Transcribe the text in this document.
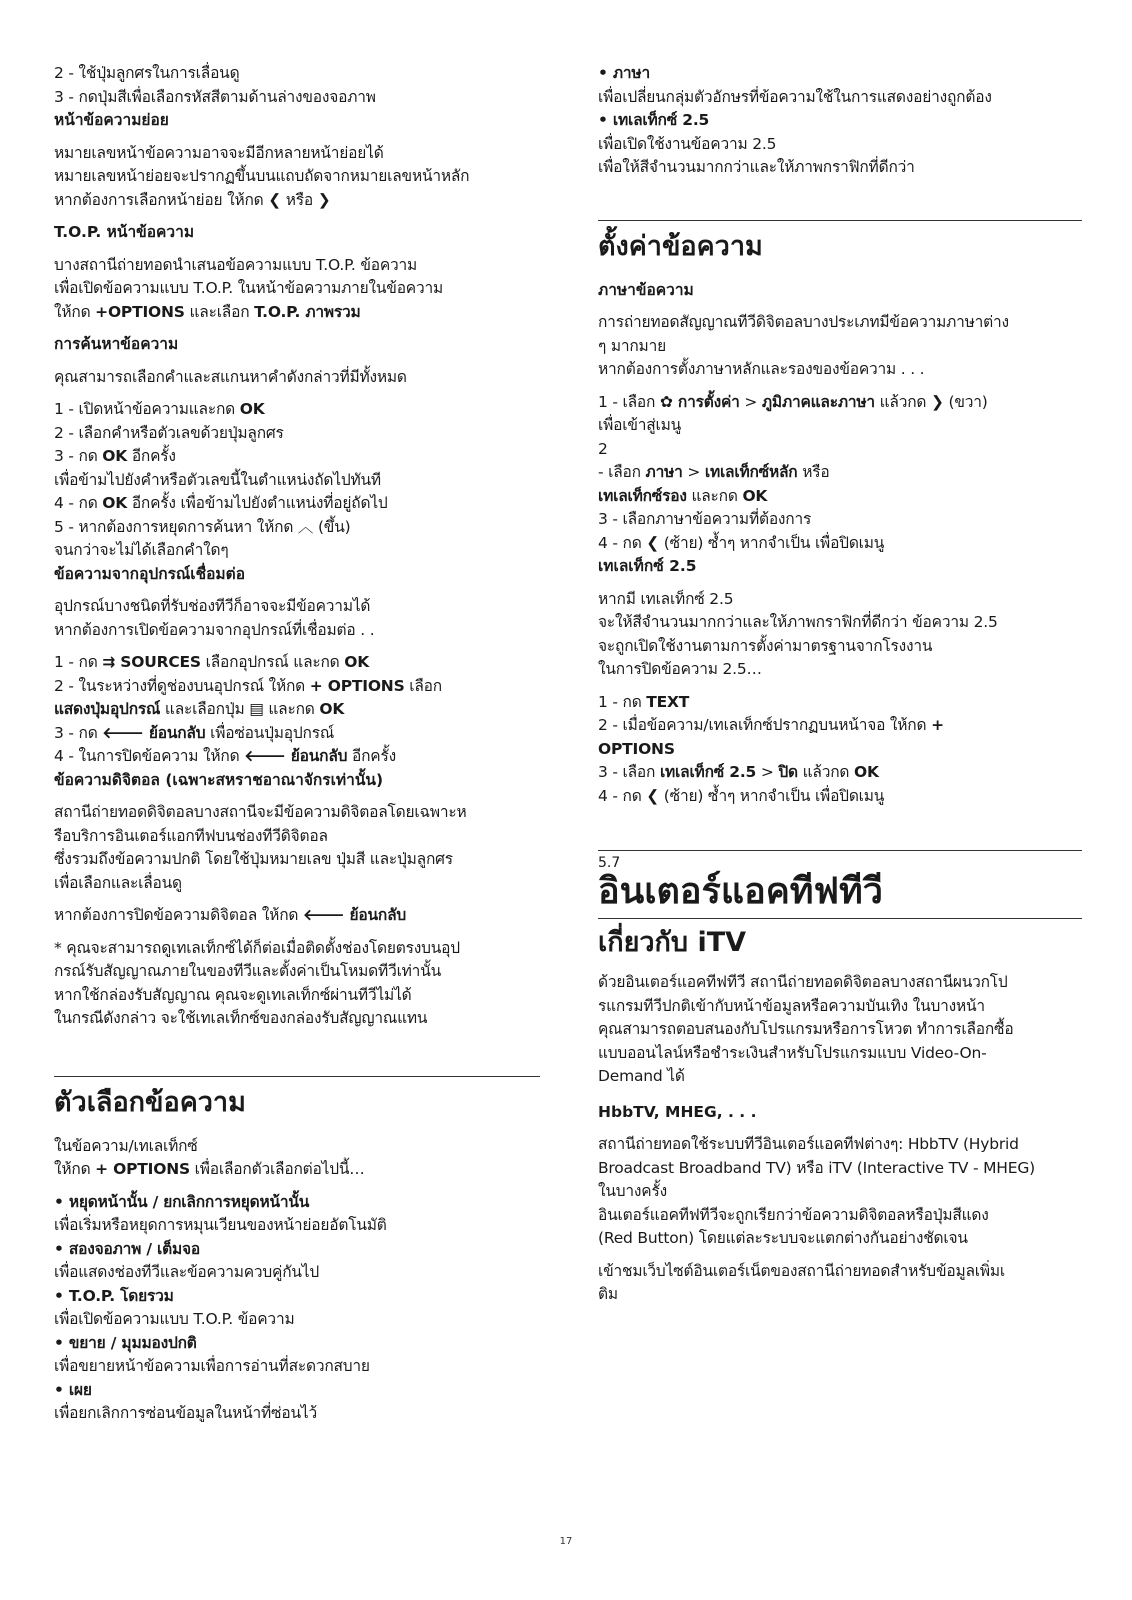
2 - ใช้ปุ่มลูกศรในการเลื่อนดู

3 - กดปุ่มสีเพื่อเลือกรหัสสีตามด้านล่างของจอภาพ

หน้าข้อความย่อย

หมายเลขหน้าข้อความอาจจะมีอีกหลายหน้าย่อยได้

หมายเลขหน้าย่อยจะปรากฏขึ้นบนแถบถัดจากหมายเลขหน้าหลัก

หากต้องการเลือกหน้าย่อย ให้กด ❮ หรือ ❯

T.O.P. หน้าข้อความ

บางสถานีถ่ายทอดนำเสนอข้อความแบบ T.O.P. ข้อความ

เพื่อเปิดข้อความแบบ T.O.P. ในหน้าข้อความภายในข้อความ

ให้กด +OPTIONS และเลือก T.O.P. ภาพรวม

การค้นหาข้อความ

คุณสามารถเลือกคำและสแกนหาคำดังกล่าวที่มีทั้งหมด

1 - เปิดหน้าข้อความและกด OK

2 - เลือกคำหรือตัวเลขด้วยปุ่มลูกศร

3 - กด OK อีกครั้ง

เพื่อข้ามไปยังคำหรือตัวเลขนี้ในตำแหน่งถัดไปทันที

4 - กด OK อีกครั้ง เพื่อข้ามไปยังตำแหน่งที่อยู่ถัดไป

5 - หากต้องการหยุดการค้นหา ให้กด ︿ (ขึ้น)

จนกว่าจะไม่ได้เลือกคำใดๆ

ข้อความจากอุปกรณ์เชื่อมต่อ

อุปกรณ์บางชนิดที่รับช่องทีวีก็อาจจะมีข้อความได้

หากต้องการเปิดข้อความจากอุปกรณ์ที่เชื่อมต่อ . .

1 - กด ⇉ SOURCES เลือกอุปกรณ์ และกด OK

2 - ในระหว่างที่ดูช่องบนอุปกรณ์ ให้กด + OPTIONS เลือก

แสดงปุ่มอุปกรณ์ และเลือกปุ่ม ▤ และกด OK

3 - กด 🡐 ย้อนกลับ เพื่อซ่อนปุ่มอุปกรณ์

4 - ในการปิดข้อความ ให้กด 🡐 ย้อนกลับ อีกครั้ง

ข้อความดิจิตอล (เฉพาะสหราชอาณาจักรเท่านั้น)

สถานีถ่ายทอดดิจิตอลบางสถานีจะมีข้อความดิจิตอลโดยเฉพาะห

รือบริการอินเตอร์แอกทีฟบนช่องทีวีดิจิตอล

ซึ่งรวมถึงข้อความปกติ โดยใช้ปุ่มหมายเลข ปุ่มสี และปุ่มลูกศร

เพื่อเลือกและเลื่อนดู

หากต้องการปิดข้อความดิจิตอล ให้กด 🡐 ย้อนกลับ

* คุณจะสามารถดูเทเลเท็กซ์ได้ก็ต่อเมื่อติดตั้งช่องโดยตรงบนอุป

กรณ์รับสัญญาณภายในของทีวีและตั้งค่าเป็นโหมดทีวีเท่านั้น

หากใช้กล่องรับสัญญาณ คุณจะดูเทเลเท็กซ์ผ่านทีวีไม่ได้

ในกรณีดังกล่าว จะใช้เทเลเท็กซ์ของกล่องรับสัญญาณแทน

ตัวเลือกข้อความ

ในข้อความ/เทเลเท็กซ์

ให้กด + OPTIONS เพื่อเลือกตัวเลือกต่อไปนี้…

• หยุดหน้านั้น / ยกเลิกการหยุดหน้านั้น

เพื่อเริ่มหรือหยุดการหมุนเวียนของหน้าย่อยอัตโนมัติ

• สองจอภาพ / เต็มจอ

เพื่อแสดงช่องทีวีและข้อความควบคู่กันไป

• T.O.P. โดยรวม

เพื่อเปิดข้อความแบบ T.O.P. ข้อความ

• ขยาย / มุมมองปกติ

เพื่อขยายหน้าข้อความเพื่อการอ่านที่สะดวกสบาย

• เผย

เพื่อยกเลิกการซ่อนข้อมูลในหน้าที่ซ่อนไว้

• ภาษา

เพื่อเปลี่ยนกลุ่มตัวอักษรที่ข้อความใช้ในการแสดงอย่างถูกต้อง

• เทเลเท็กซ์ 2.5

เพื่อเปิดใช้งานข้อความ 2.5

เพื่อให้สีจำนวนมากกว่าและให้ภาพกราฟิกที่ดีกว่า

ตั้งค่าข้อความ

ภาษาข้อความ

การถ่ายทอดสัญญาณทีวีดิจิตอลบางประเภทมีข้อความภาษาต่าง

ๆ มากมาย

หากต้องการตั้งภาษาหลักและรองของข้อความ . . .

1 - เลือก ✿ การตั้งค่า > ภูมิภาคและภาษา แล้วกด ❯ (ขวา)

เพื่อเข้าสู่เมนู

2

- เลือก ภาษา > เทเลเท็กซ์หลัก หรือ

เทเลเท็กซ์รอง และกด OK

3 - เลือกภาษาข้อความที่ต้องการ

4 - กด ❮ (ซ้าย) ซ้ำๆ หากจำเป็น เพื่อปิดเมนู

เทเลเท็กซ์ 2.5

หากมี เทเลเท็กซ์ 2.5

จะให้สีจำนวนมากกว่าและให้ภาพกราฟิกที่ดีกว่า ข้อความ 2.5

จะถูกเปิดใช้งานตามการตั้งค่ามาตรฐานจากโรงงาน

ในการปิดข้อความ 2.5…

1 - กด TEXT

2 - เมื่อข้อความ/เทเลเท็กซ์ปรากฏบนหน้าจอ ให้กด +

OPTIONS

3 - เลือก เทเลเท็กซ์ 2.5 > ปิด แล้วกด OK

4 - กด ❮ (ซ้าย) ซ้ำๆ หากจำเป็น เพื่อปิดเมนู

5.7

อินเตอร์แอคทีฟทีวี

เกี่ยวกับ iTV

ด้วยอินเตอร์แอคทีฟทีวี สถานีถ่ายทอดดิจิตอลบางสถานีผนวกโป

รแกรมทีวีปกติเข้ากับหน้าข้อมูลหรือความบันเทิง ในบางหน้า

คุณสามารถตอบสนองกับโปรแกรมหรือการโหวต ทำการเลือกซื้อ

แบบออนไลน์หรือชำระเงินสำหรับโปรแกรมแบบ Video-On-

Demand ได้

HbbTV, MHEG, . . .

สถานีถ่ายทอดใช้ระบบทีวีอินเตอร์แอคทีฟต่างๆ: HbbTV (Hybrid

Broadcast Broadband TV) หรือ iTV (Interactive TV - MHEG)

ในบางครั้ง

อินเตอร์แอคทีฟทีวีจะถูกเรียกว่าข้อความดิจิตอลหรือปุ่มสีแดง

(Red Button) โดยแต่ละระบบจะแตกต่างกันอย่างชัดเจน

เข้าชมเว็บไซต์อินเตอร์เน็ตของสถานีถ่ายทอดสำหรับข้อมูลเพิ่มเ

ติม

17
